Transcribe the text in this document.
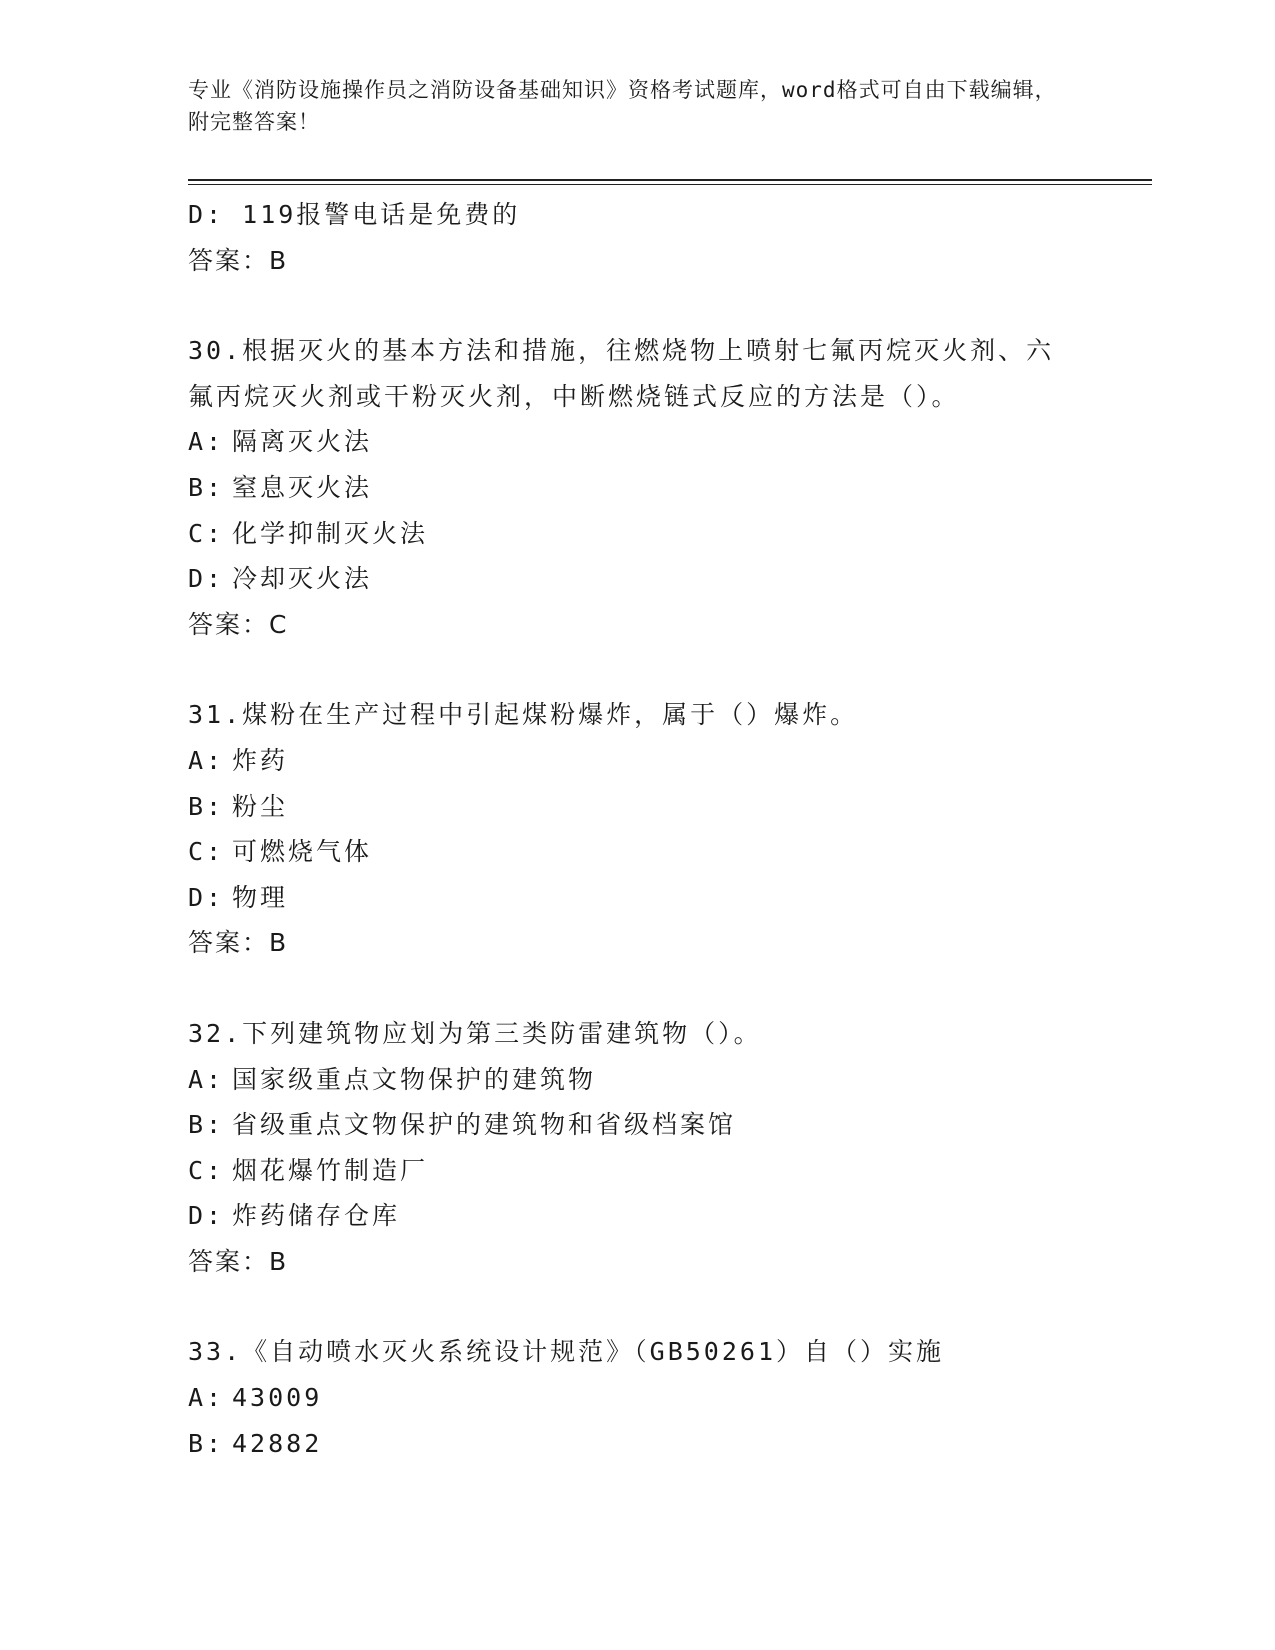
专业《消防设施操作员之消防设备基础知识》资格考试题库，word格式可自由下载编辑，附完整答案！
D: 119报警电话是免费的
答案：B
30.根据灭火的基本方法和措施，往燃烧物上喷射七氟丙烷灭火剂、六氟丙烷灭火剂或干粉灭火剂，中断燃烧链式反应的方法是（）。
A: 隔离灭火法
B: 窒息灭火法
C: 化学抑制灭火法
D: 冷却灭火法
答案：C
31.煤粉在生产过程中引起煤粉爆炸，属于（）爆炸。
A: 炸药
B: 粉尘
C: 可燃烧气体
D: 物理
答案：B
32.下列建筑物应划为第三类防雷建筑物（）。
A: 国家级重点文物保护的建筑物
B: 省级重点文物保护的建筑物和省级档案馆
C: 烟花爆竹制造厂
D: 炸药储存仓库
答案：B
33.《自动喷水灭火系统设计规范》（GB50261）自（）实施
A: 43009
B: 42882
